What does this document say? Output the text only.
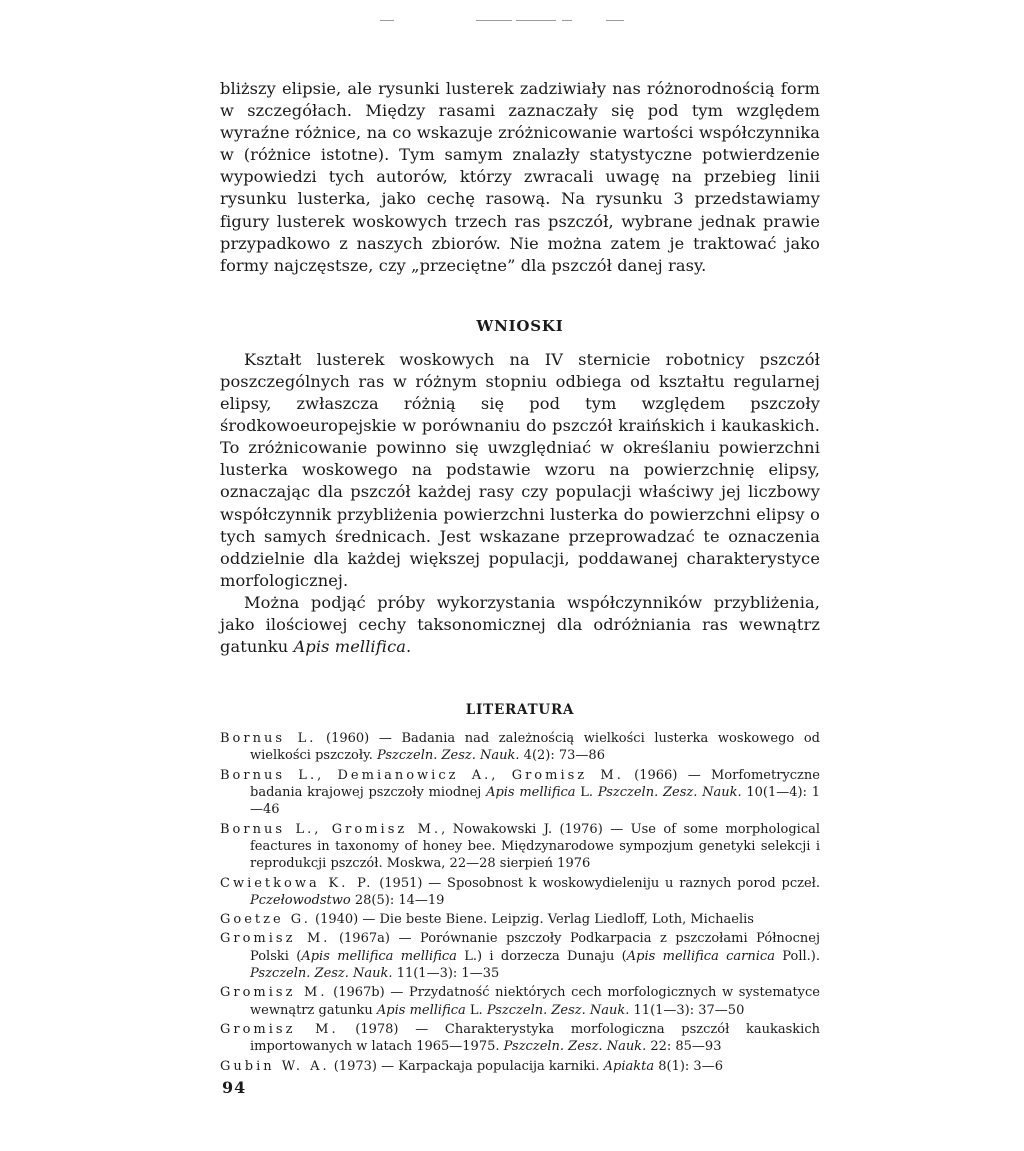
bliższy elipsie, ale rysunki lusterek zadziwiały nas różnorodnością form w szczegółach. Między rasami zaznaczały się pod tym względem wyraźne różnice, na co wskazuje zróżnicowanie wartości współczynnika w (różnice istotne). Tym samym znalazły statystyczne potwierdzenie wypowiedzi tych autorów, którzy zwracali uwagę na przebieg linii rysunku lusterka, jako cechę rasową. Na rysunku 3 przedstawiamy figury lusterek woskowych trzech ras pszczół, wybrane jednak prawie przypadkowo z naszych zbiorów. Nie można zatem je traktować jako formy najczęstsze, czy „przeciętne” dla pszczół danej rasy.

WNIOSKI

Kształt lusterek woskowych na IV sternicie robotnicy pszczół poszczególnych ras w różnym stopniu odbiega od kształtu regularnej elipsy, zwłaszcza różnią się pod tym względem pszczoły środkowoeuropejskie w porównaniu do pszczół kraińskich i kaukaskich. To zróżnicowanie powinno się uwzględniać w określaniu powierzchni lusterka woskowego na podstawie wzoru na powierzchnię elipsy, oznaczając dla pszczół każdej rasy czy populacji właściwy jej liczbowy współczynnik przybliżenia powierzchni lusterka do powierzchni elipsy o tych samych średnicach. Jest wskazane przeprowadzać te oznaczenia oddzielnie dla każdej większej populacji, poddawanej charakterystyce morfologicznej.

Można podjąć próby wykorzystania współczynników przybliżenia, jako ilościowej cechy taksonomicznej dla odróżniania ras wewnątrz gatunku Apis mellifica.

LITERATURA

Bornus L. (1960) — Badania nad zależnością wielkości lusterka woskowego od wielkości pszczoły. Pszczeln. Zesz. Nauk. 4(2): 73—86

Bornus L., Demianowicz A., Gromisz M. (1966) — Morfometryczne badania krajowej pszczoły miodnej Apis mellifica L. Pszczeln. Zesz. Nauk. 10(1—4): 1—46

Bornus L., Gromisz M., Nowakowski J. (1976) — Use of some morphological feactures in taxonomy of honey bee. Międzynarodowe sympozjum genetyki selekcji i reprodukcji pszczół. Moskwa, 22—28 sierpień 1976

Cwietkowa K. P. (1951) — Sposobnost k woskowydieleniju u raznych porod pczeł. Pczełowodstwo 28(5): 14—19

Goetze G. (1940) — Die beste Biene. Leipzig. Verlag Liedloff, Loth, Michaelis

Gromisz M. (1967a) — Porównanie pszczoły Podkarpacia z pszczołami Północnej Polski (Apis mellifica mellifica L.) i dorzecza Dunaju (Apis mellifica carnica Poll.). Pszczeln. Zesz. Nauk. 11(1—3): 1—35

Gromisz M. (1967b) — Przydatność niektórych cech morfologicznych w systematyce wewnątrz gatunku Apis mellifica L. Pszczeln. Zesz. Nauk. 11(1—3): 37—50

Gromisz M. (1978) — Charakterystyka morfologiczna pszczół kaukaskich importowanych w latach 1965—1975. Pszczeln. Zesz. Nauk. 22: 85—93

Gubin W. A. (1973) — Karpackaja populacija karniki. Apiakta 8(1): 3—6

94
